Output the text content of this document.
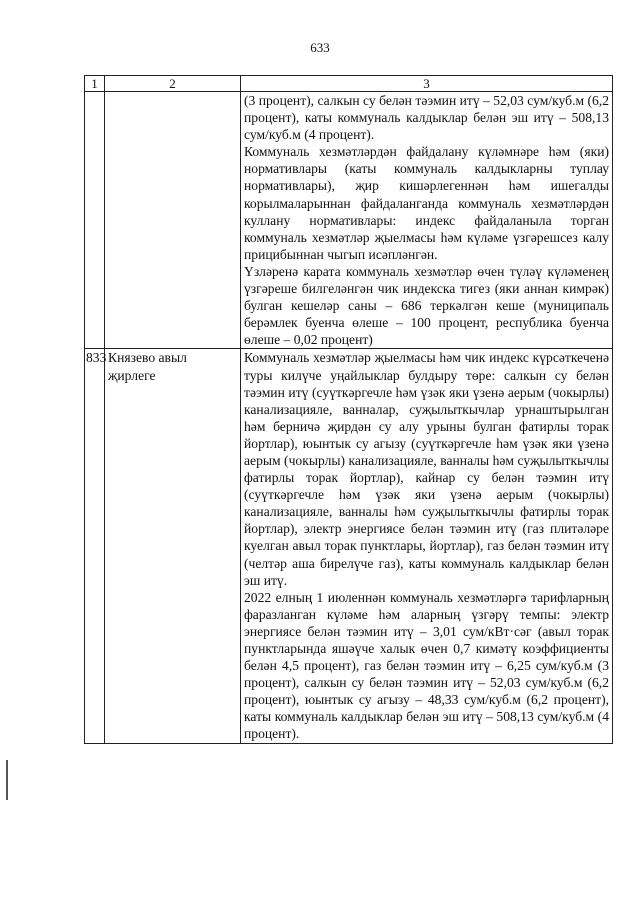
633
1	2	3

		(3 процент), салкын су белән тәэмин итү – 52,03 сум/куб.м (6,2 процент), каты коммуналь калдыклар белән эш итү – 508,13 сум/куб.м (4 процент).
Коммуналь хезмәтләрдән файдалану күләмнәре һәм (яки) нормативлары (каты коммуналь калдыкларны туплау нормативлары), җир кишәрлегеннән һәм ишегалды корылмаларыннан файдаланганда коммуналь хезмәтләрдән куллану нормативлары: индекс файдаланыла торган коммуналь хезмәтләр җыелмасы һәм күләме үзгәрешсез калу прицибыннан чыгып исәпләнгән.
Үзләренә карата коммуналь хезмәтләр өчен түләү күләменең үзгәреше билгеләнгән чик индекска тигез (яки аннан кимрәк) булган кешеләр саны – 686 теркәлгән кеше (муниципаль берәмлек буенча өлеше – 100 процент, республика буенча өлеше – 0,02 процент)

833	Князево авыл җирлеге	Коммуналь хезмәтләр җыелмасы һәм чик индекс күрсәткеченә туры килүче уңайлыклар булдыру төре: салкын су белән тәэмин итү (суүткәргечле һәм үзәк яки үзенә аерым (чокырлы) канализацияле, ванналар, суҗылыткычлар урнаштырылган һәм берничә җирдән су алу урыны булган фатирлы торак йортлар), юынтык су агызу (суүткәргечле һәм үзәк яки үзенә аерым (чокырлы) канализацияле, ванналы һәм суҗылыткычлы фатирлы торак йортлар), кайнар су белән тәэмин итү (суүткәргечле һәм үзәк яки үзенә аерым (чокырлы) канализацияле, ванналы һәм суҗылыткычлы фатирлы торак йортлар), электр энергиясе белән тәэмин итү (газ плитәләре куелган авыл торак пунктлары, йортлар), газ белән тәэмин итү (челтәр аша бирелүче газ), каты коммуналь калдыклар белән эш итү.
2022 елның 1 июленнән коммуналь хезмәтләргә тарифларның фаразланган күләме һәм аларның үзгәрү темпы: электр энергиясе белән тәэмин итү – 3,01 сум/кВт·сәг (авыл торак пунктларында яшәүче халык өчен 0,7 кимәтү коэффициенты белән 4,5 процент), газ белән тәэмин итү – 6,25 сум/куб.м (3 процент), салкын су белән тәэмин итү – 52,03 сум/куб.м (6,2 процент), юынтык су агызу – 48,33 сум/куб.м (6,2 процент), каты коммуналь калдыклар белән эш итү – 508,13 сум/куб.м (4 процент).
